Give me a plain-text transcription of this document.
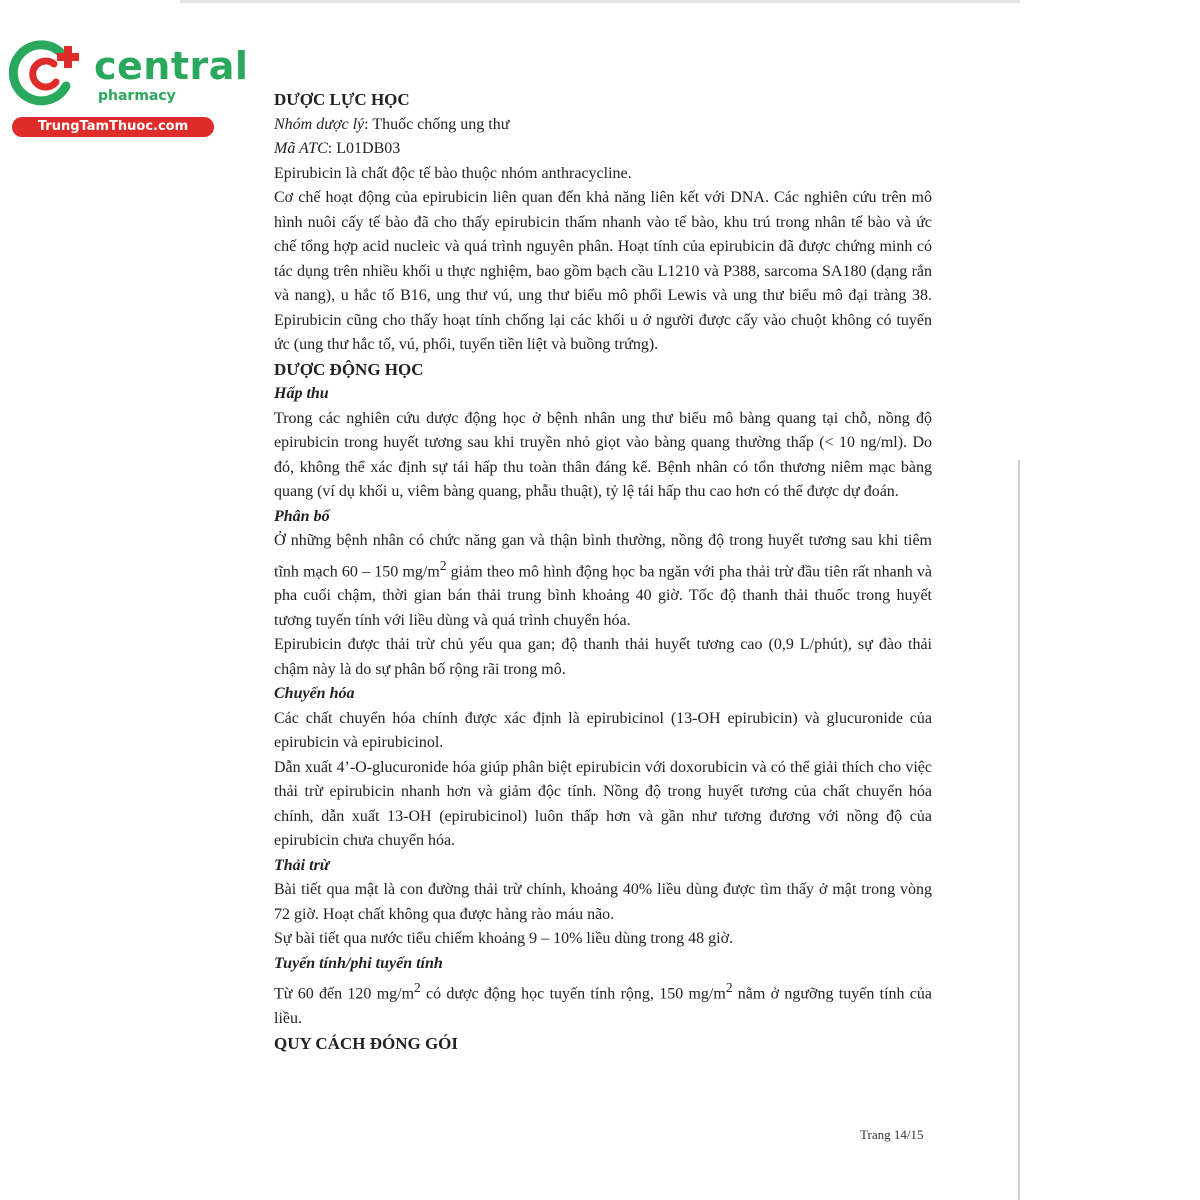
central
pharmacy
TrungTamThuoc.com

DƯỢC LỰC HỌC

Nhóm dược lý: Thuốc chống ung thư

Mã ATC: L01DB03

Epirubicin là chất độc tế bào thuộc nhóm anthracycline.

Cơ chế hoạt động của epirubicin liên quan đến khả năng liên kết với DNA. Các nghiên cứu trên mô hình nuôi cấy tế bào đã cho thấy epirubicin thấm nhanh vào tế bào, khu trú trong nhân tế bào và ức chế tổng hợp acid nucleic và quá trình nguyên phân. Hoạt tính của epirubicin đã được chứng minh có tác dụng trên nhiều khối u thực nghiệm, bao gồm bạch cầu L1210 và P388, sarcoma SA180 (dạng rắn và nang), u hắc tố B16, ung thư vú, ung thư biểu mô phổi Lewis và ung thư biểu mô đại tràng 38. Epirubicin cũng cho thấy hoạt tính chống lại các khối u ở người được cấy vào chuột không có tuyến ức (ung thư hắc tố, vú, phổi, tuyến tiền liệt và buồng trứng).

DƯỢC ĐỘNG HỌC

Hấp thu

Trong các nghiên cứu dược động học ở bệnh nhân ung thư biểu mô bàng quang tại chỗ, nồng độ epirubicin trong huyết tương sau khi truyền nhỏ giọt vào bàng quang thường thấp (< 10 ng/ml). Do đó, không thể xác định sự tái hấp thu toàn thân đáng kể. Bệnh nhân có tổn thương niêm mạc bàng quang (ví dụ khối u, viêm bàng quang, phẫu thuật), tỷ lệ tái hấp thu cao hơn có thể được dự đoán.

Phân bố

Ở những bệnh nhân có chức năng gan và thận bình thường, nồng độ trong huyết tương sau khi tiêm tĩnh mạch 60 – 150 $mg/m^2$ giảm theo mô hình động học ba ngăn với pha thải trừ đầu tiên rất nhanh và pha cuối chậm, thời gian bán thải trung bình khoảng 40 giờ. Tốc độ thanh thải thuốc trong huyết tương tuyến tính với liều dùng và quá trình chuyển hóa.

Epirubicin được thải trừ chủ yếu qua gan; độ thanh thải huyết tương cao (0,9 L/phút), sự đào thải chậm này là do sự phân bố rộng rãi trong mô.

Chuyển hóa

Các chất chuyển hóa chính được xác định là epirubicinol (13-OH epirubicin) và glucuronide của epirubicin và epirubicinol.

Dẫn xuất 4’-O-glucuronide hóa giúp phân biệt epirubicin với doxorubicin và có thể giải thích cho việc thải trừ epirubicin nhanh hơn và giảm độc tính. Nồng độ trong huyết tương của chất chuyển hóa chính, dẫn xuất 13-OH (epirubicinol) luôn thấp hơn và gần như tương đương với nồng độ của epirubicin chưa chuyển hóa.

Thải trừ

Bài tiết qua mật là con đường thải trừ chính, khoảng 40% liều dùng được tìm thấy ở mật trong vòng 72 giờ. Hoạt chất không qua được hàng rào máu não.

Sự bài tiết qua nước tiểu chiếm khoảng 9 – 10% liều dùng trong 48 giờ.

Tuyến tính/phi tuyến tính

Từ 60 đến 120 $mg/m^2$ có dược động học tuyến tính rộng, 150 $mg/m^2$ nằm ở ngưỡng tuyến tính của liều.

QUY CÁCH ĐÓNG GÓI

Trang 14/15
